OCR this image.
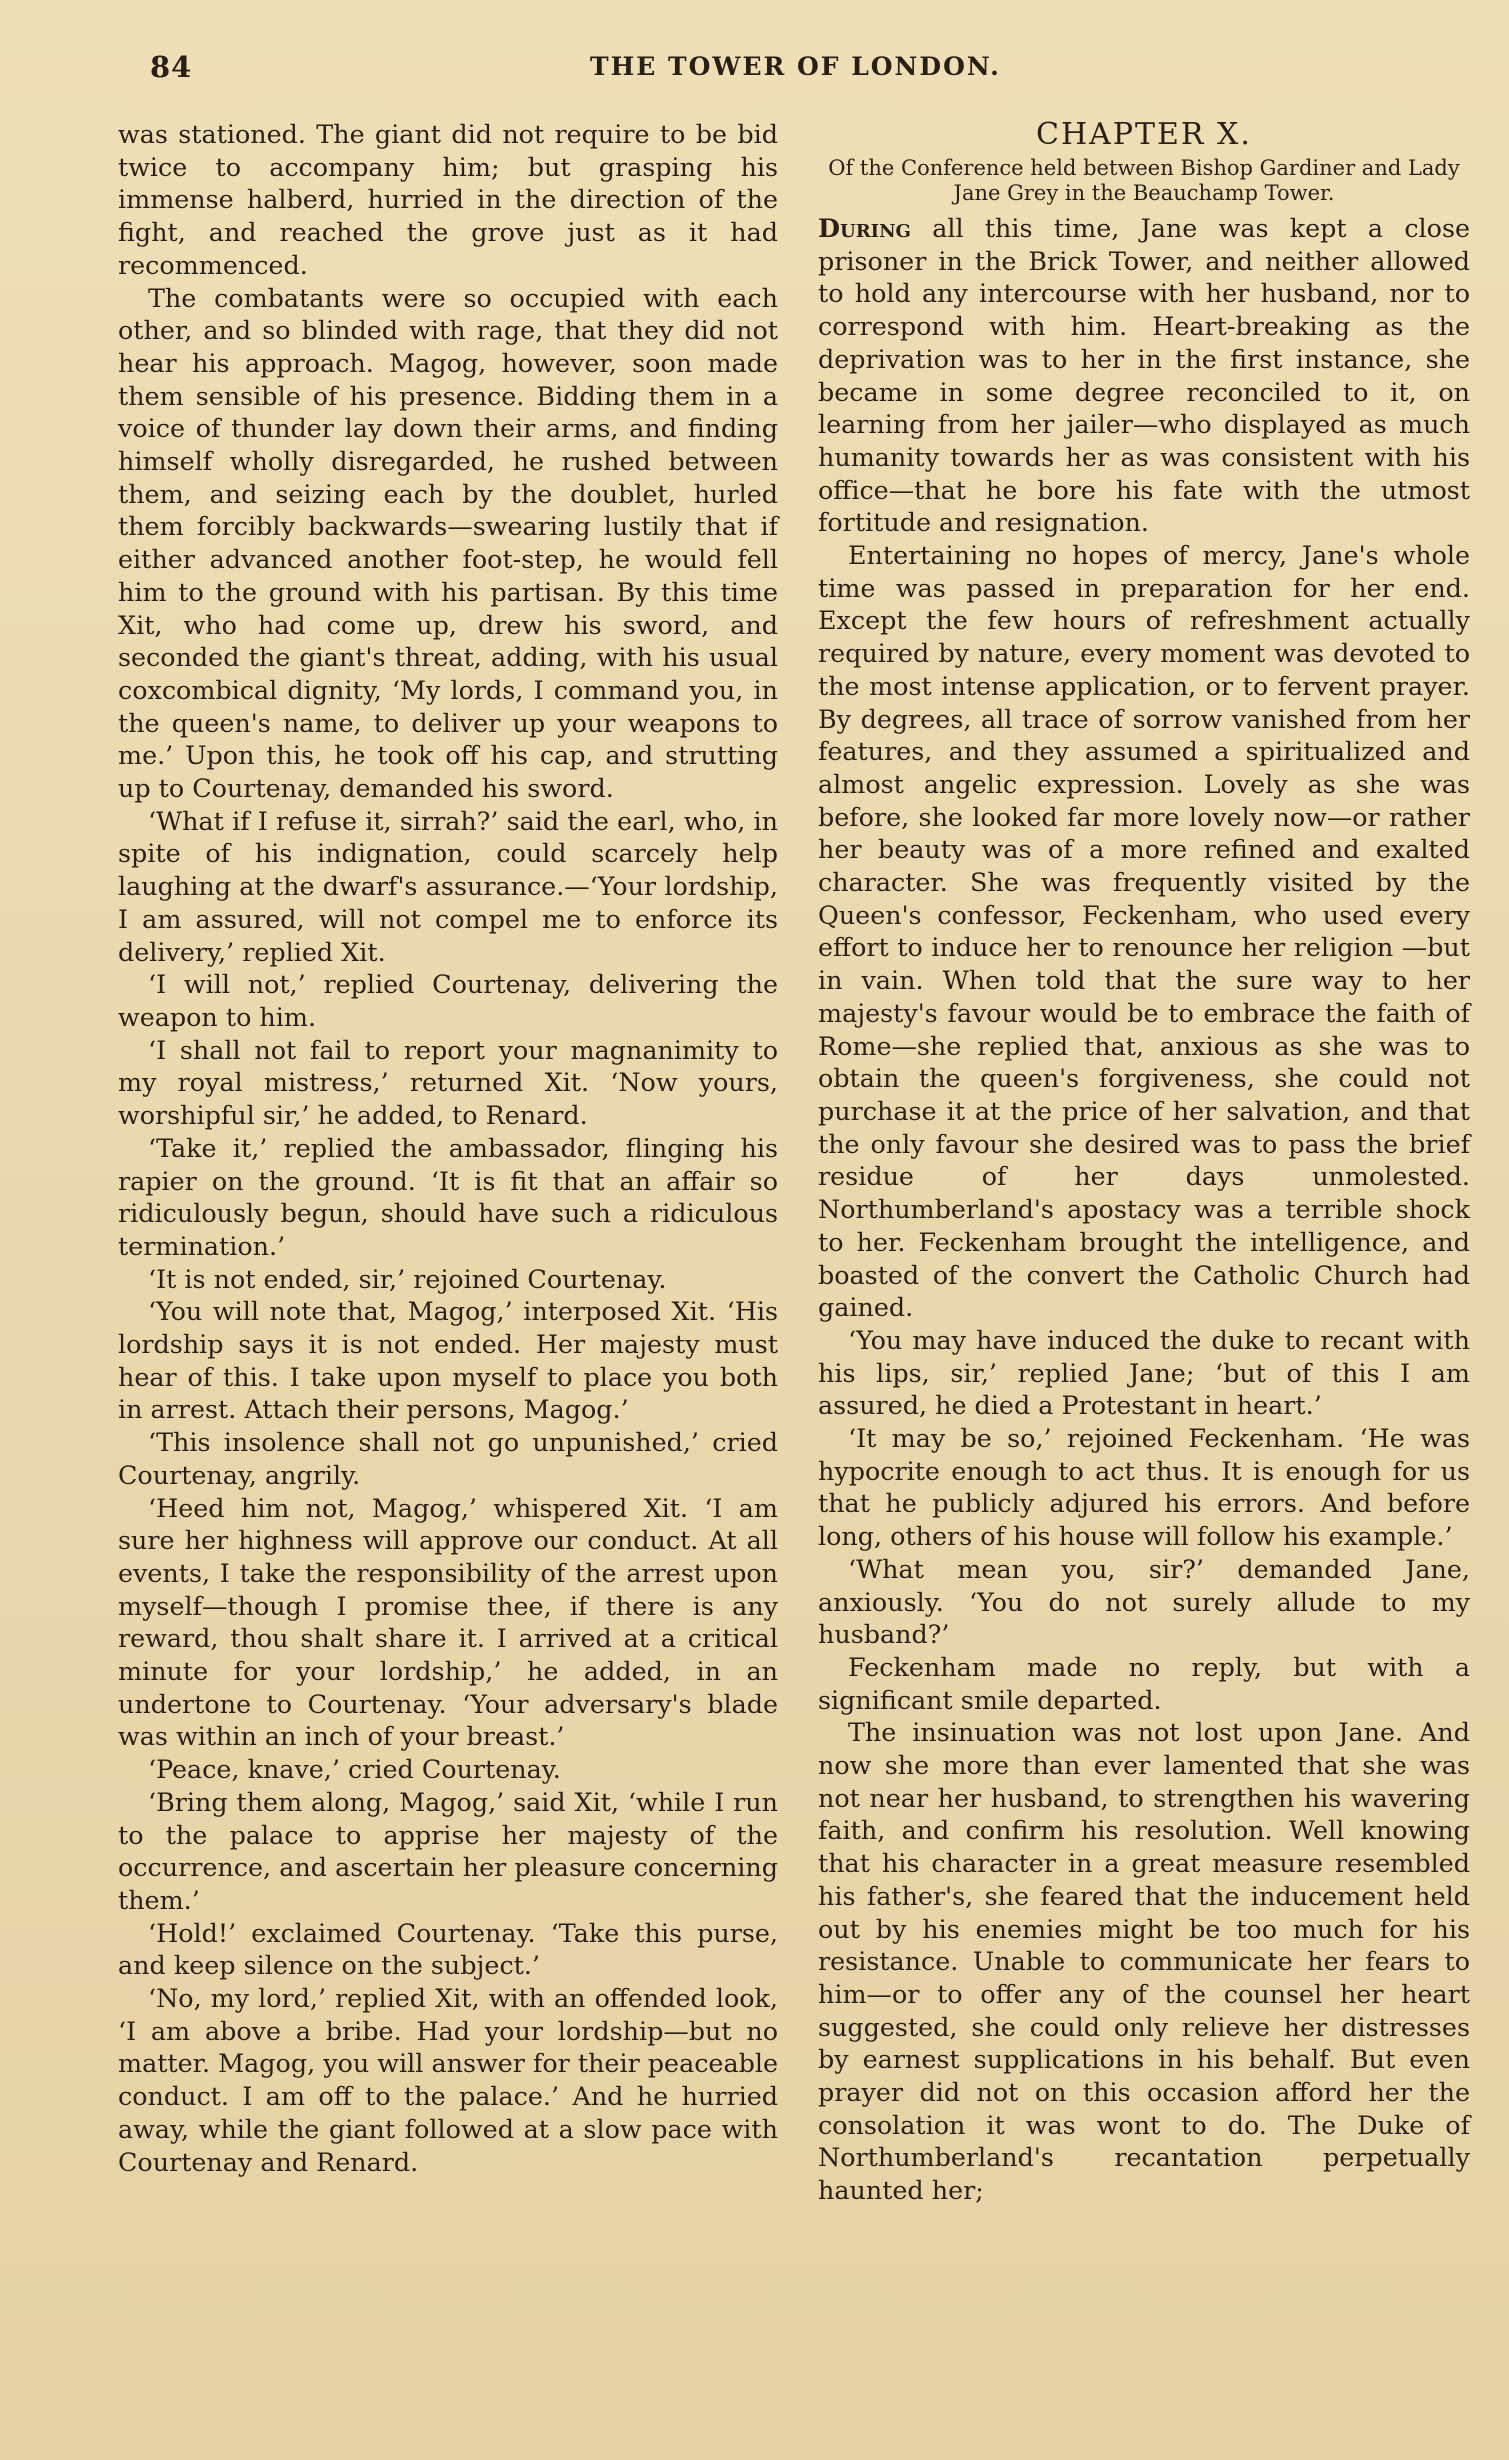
84	THE TOWER OF LONDON.

was stationed. The giant did not require to be bid twice to accompany him; but grasping his immense halberd, hurried in the direction of the fight, and reached the grove just as it had recommenced.

The combatants were so occupied with each other, and so blinded with rage, that they did not hear his approach. Magog, however, soon made them sensible of his presence. Bidding them in a voice of thunder lay down their arms, and finding himself wholly disregarded, he rushed between them, and seizing each by the doublet, hurled them forcibly backwards—swearing lustily that if either advanced another foot-step, he would fell him to the ground with his partisan. By this time Xit, who had come up, drew his sword, and seconded the giant's threat, adding, with his usual coxcombical dignity, ‘My lords, I command you, in the queen's name, to deliver up your weapons to me.’ Upon this, he took off his cap, and strutting up to Courtenay, demanded his sword.

‘What if I refuse it, sirrah?’ said the earl, who, in spite of his indignation, could scarcely help laughing at the dwarf's assurance.—‘Your lordship, I am assured, will not compel me to enforce its delivery,’ replied Xit.

‘I will not,’ replied Courtenay, delivering the weapon to him.

‘I shall not fail to report your magnanimity to my royal mistress,’ returned Xit. ‘Now yours, worshipful sir,’ he added, to Renard.

‘Take it,’ replied the ambassador, flinging his rapier on the ground. ‘It is fit that an affair so ridiculously begun, should have such a ridiculous termination.’

‘It is not ended, sir,’ rejoined Courtenay.

‘You will note that, Magog,’ interposed Xit. ‘His lordship says it is not ended. Her majesty must hear of this. I take upon myself to place you both in arrest. Attach their persons, Magog.’

‘This insolence shall not go unpunished,’ cried Courtenay, angrily.

‘Heed him not, Magog,’ whispered Xit. ‘I am sure her highness will approve our conduct. At all events, I take the responsibility of the arrest upon myself—though I promise thee, if there is any reward, thou shalt share it. I arrived at a critical minute for your lordship,’ he added, in an undertone to Courtenay. ‘Your adversary's blade was within an inch of your breast.’

‘Peace, knave,’ cried Courtenay.

‘Bring them along, Magog,’ said Xit, ‘while I run to the palace to apprise her majesty of the occurrence, and ascertain her pleasure concerning them.’

‘Hold!’ exclaimed Courtenay. ‘Take this purse, and keep silence on the subject.’

‘No, my lord,’ replied Xit, with an offended look, ‘I am above a bribe. Had your lordship—but no matter. Magog, you will answer for their peaceable conduct. I am off to the palace.’ And he hurried away, while the giant followed at a slow pace with Courtenay and Renard.

CHAPTER X.
Of the Conference held between Bishop Gardiner and Lady Jane Grey in the Beauchamp Tower.

During all this time, Jane was kept a close prisoner in the Brick Tower, and neither allowed to hold any intercourse with her husband, nor to correspond with him. Heart-breaking as the deprivation was to her in the first instance, she became in some degree reconciled to it, on learning from her jailer—who displayed as much humanity towards her as was consistent with his office—that he bore his fate with the utmost fortitude and resignation.

Entertaining no hopes of mercy, Jane's whole time was passed in preparation for her end. Except the few hours of refreshment actually required by nature, every moment was devoted to the most intense application, or to fervent prayer. By degrees, all trace of sorrow vanished from her features, and they assumed a spiritualized and almost angelic expression. Lovely as she was before, she looked far more lovely now—or rather her beauty was of a more refined and exalted character. She was frequently visited by the Queen's confessor, Feckenham, who used every effort to induce her to renounce her religion —but in vain. When told that the sure way to her majesty's favour would be to embrace the faith of Rome—she replied that, anxious as she was to obtain the queen's forgiveness, she could not purchase it at the price of her salvation, and that the only favour she desired was to pass the brief residue of her days unmolested. Northumberland's apostacy was a terrible shock to her. Feckenham brought the intelligence, and boasted of the convert the Catholic Church had gained.

‘You may have induced the duke to recant with his lips, sir,’ replied Jane; ‘but of this I am assured, he died a Protestant in heart.’

‘It may be so,’ rejoined Feckenham. ‘He was hypocrite enough to act thus. It is enough for us that he publicly adjured his errors. And before long, others of his house will follow his example.’

‘What mean you, sir?’ demanded Jane, anxiously. ‘You do not surely allude to my husband?’

Feckenham made no reply, but with a significant smile departed.

The insinuation was not lost upon Jane. And now she more than ever lamented that she was not near her husband, to strengthen his wavering faith, and confirm his resolution. Well knowing that his character in a great measure resembled his father's, she feared that the inducement held out by his enemies might be too much for his resistance. Unable to communicate her fears to him—or to offer any of the counsel her heart suggested, she could only relieve her distresses by earnest supplications in his behalf. But even prayer did not on this occasion afford her the consolation it was wont to do. The Duke of Northumberland's recantation perpetually haunted her;
